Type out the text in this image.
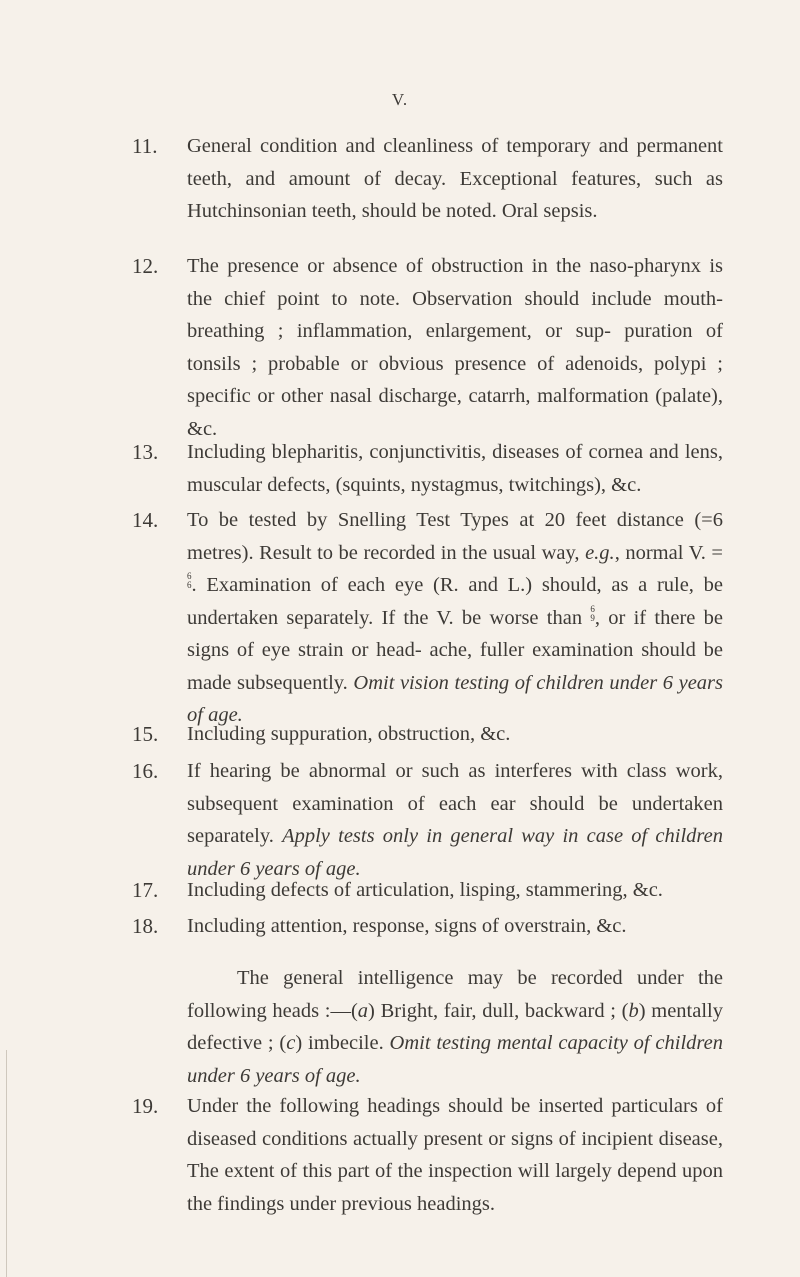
V.
11. General condition and cleanliness of temporary and permanent teeth, and amount of decay. Exceptional features, such as Hutchinsonian teeth, should be noted. Oral sepsis.
12. The presence or absence of obstruction in the naso-pharynx is the chief point to note. Observation should include mouth-breathing ; inflammation, enlargement, or sup- puration of tonsils ; probable or obvious presence of adenoids, polypi ; specific or other nasal discharge, catarrh, malformation (palate), &c.
13. Including blepharitis, conjunctivitis, diseases of cornea and lens, muscular defects, (squints, nystagmus, twitchings), &c.
14. To be tested by Snelling Test Types at 20 feet distance (=6 metres). Result to be recorded in the usual way, e.g., normal V. =
6
6 . Examination of each eye (R. and L.) should, as a rule, be undertaken separately. If the V. be worse than 6
9 , or if there be signs of eye strain or head- ache, fuller examination should be made subsequently. Omit vision testing of children under 6 years of age.
15. Including suppuration, obstruction, &c.
16. If hearing be abnormal or such as interferes with class work, subsequent examination of each ear should be undertaken separately. Apply tests only in general way in case of children under 6 years of age.
17. Including defects of articulation, lisping, stammering, &c.
18. Including attention, response, signs of overstrain, &c.
The general intelligence may be recorded under the following heads :—(a) Bright, fair, dull, backward ; (b) mentally defective ; (c) imbecile. Omit testing mental capacity of children under 6 years of age.
19. Under the following headings should be inserted particulars of diseased conditions actually present or signs of incipient disease, The extent of this part of the inspection will largely depend upon the findings under previous headings.
